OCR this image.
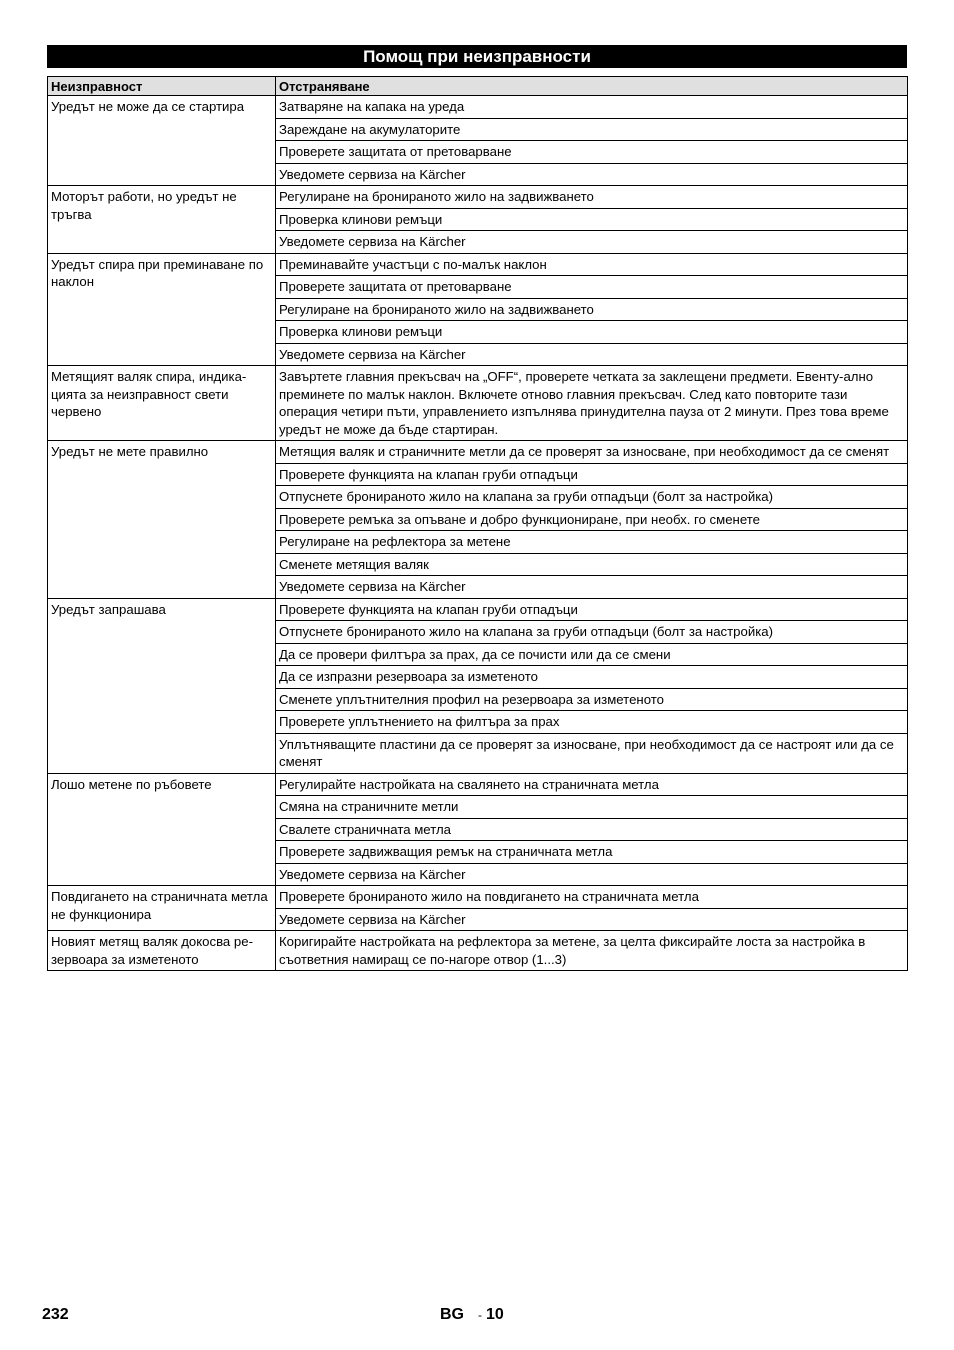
Помощ при неизправности
Неизправност	Отстраняване
Уредът не може да се стартира	Затваряне на капака на уреда
	Зареждане на акумулаторите
	Проверете защитата от претоварване
	Уведомете сервиза на Kärcher
Моторът работи, но уредът не тръгва	Регулиране на бронираното жило на задвижването
	Проверка клинови ремъци
	Уведомете сервиза на Kärcher
Уредът спира при преминаване по наклон	Преминавайте участъци с по-малък наклон
	Проверете защитата от претоварване
	Регулиране на бронираното жило на задвижването
	Проверка клинови ремъци
	Уведомете сервиза на Kärcher
Метящият валяк спира, индика-цията за неизправност свети червено	Завъртете главния прекъсвач на „OFF“, проверете четката за заклещени предмети. Евенту-ално преминете по малък наклон. Включете отново главния прекъсвач. След като повторите тази операция четири пъти, управлението изпълнява принудителна пауза от 2 минути. През това време уредът не може да бъде стартиран.
Уредът не мете правилно	Метящия валяк и страничните метли да се проверят за износване, при необходимост да се сменят
	Проверете функцията на клапан груби отпадъци
	Отпуснете бронираното жило на клапана за груби отпадъци (болт за настройка)
	Проверете ремъка за опъване и добро функциониране, при необх. го сменете
	Регулиране на рефлектора за метене
	Сменете метящия валяк
	Уведомете сервиза на Kärcher
Уредът запрашава	Проверете функцията на клапан груби отпадъци
	Отпуснете бронираното жило на клапана за груби отпадъци (болт за настройка)
	Да се провери филтъра за прах, да се почисти или да се смени
	Да се изпразни резервоара за изметеното
	Сменете уплътнителния профил на резервоара за изметеното
	Проверете уплътнението на филтъра за прах
	Уплътняващите пластини да се проверят за износване, при необходимост да се настроят или да се сменят
Лошо метене по ръбовете	Регулирайте настройката на свалянето на страничната метла
	Смяна на страничните метли
	Свалете страничната метла
	Проверете задвижващия ремък на страничната метла
	Уведомете сервиза на Kärcher
Повдигането на страничната метла не функционира	Проверете бронираното жило на повдигането на страничната метла
	Уведомете сервиза на Kärcher
Новият метящ валяк докосва ре-зервоара за изметеното	Коригирайте настройката на рефлектора за метене, за целта фиксирайте лоста за настройка в съответния намиращ се по-нагоре отвор (1...3)
232	BG - 10
